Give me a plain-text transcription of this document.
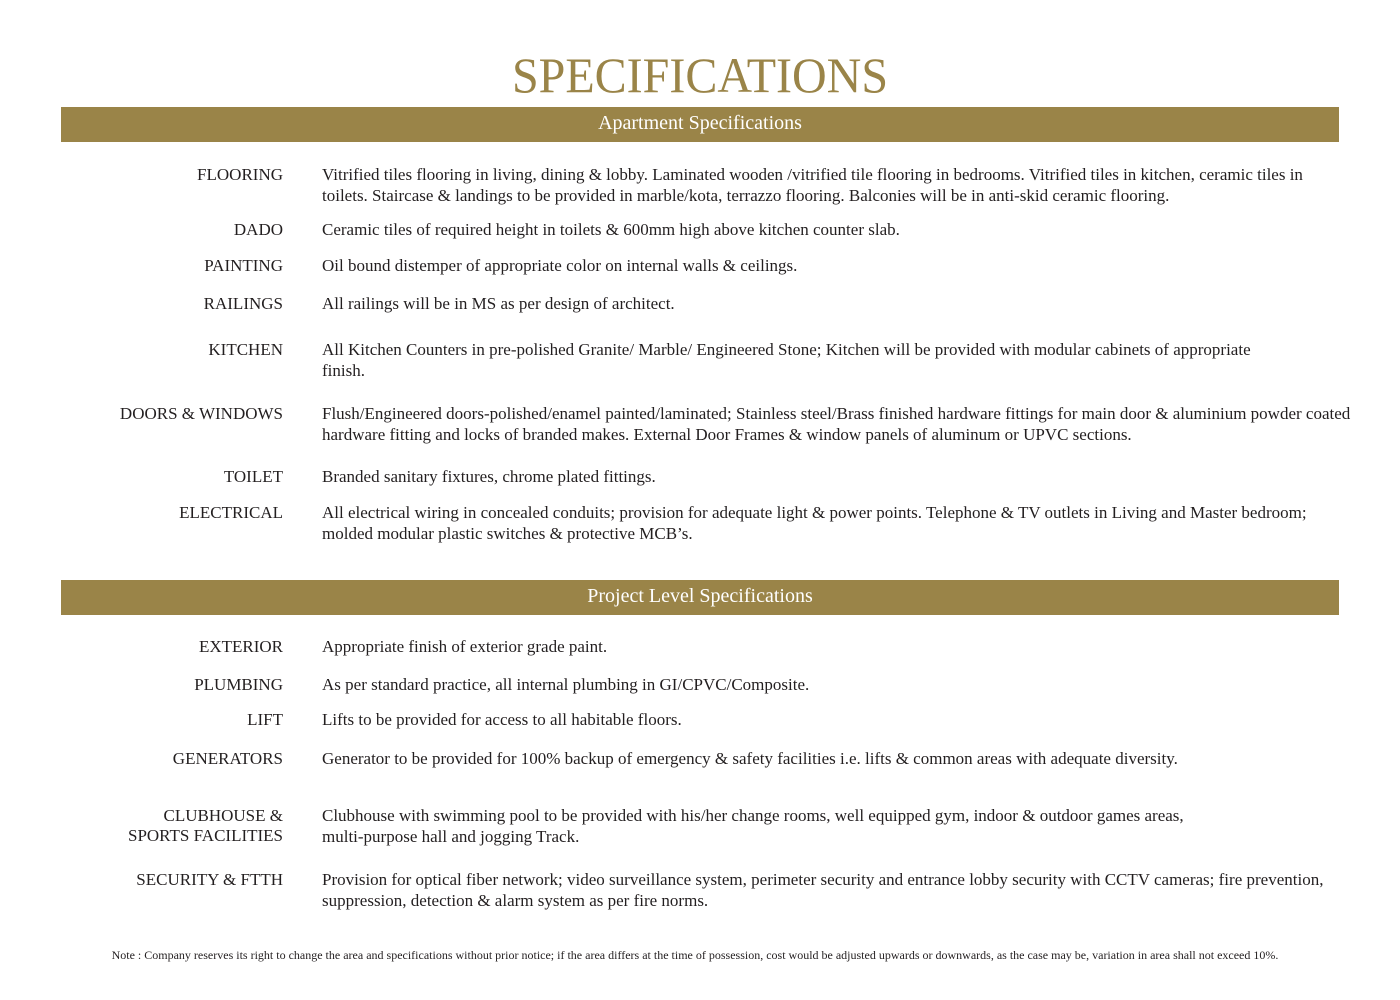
SPECIFICATIONS
Apartment Specifications
FLOORING Vitrified tiles flooring in living, dining & lobby. Laminated wooden /vitrified tile flooring in bedrooms. Vitrified tiles in kitchen, ceramic tiles in toilets. Staircase & landings to be provided in marble/kota, terrazzo flooring. Balconies will be in anti-skid ceramic flooring.
DADO Ceramic tiles of required height in toilets & 600mm high above kitchen counter slab.
PAINTING Oil bound distemper of appropriate color on internal walls & ceilings.
RAILINGS All railings will be in MS as per design of architect.
KITCHEN All Kitchen Counters in pre-polished Granite/ Marble/ Engineered Stone; Kitchen will be provided with modular cabinets of appropriate finish.
DOORS & WINDOWS Flush/Engineered doors-polished/enamel painted/laminated; Stainless steel/Brass finished hardware fittings for main door & aluminium powder coated hardware fitting and locks of branded makes. External Door Frames & window panels of aluminum or UPVC sections.
TOILET Branded sanitary fixtures, chrome plated fittings.
ELECTRICAL All electrical wiring in concealed conduits; provision for adequate light & power points. Telephone & TV outlets in Living and Master bedroom; molded modular plastic switches & protective MCB’s.
Project Level Specifications
EXTERIOR Appropriate finish of exterior grade paint.
PLUMBING As per standard practice, all internal plumbing in GI/CPVC/Composite.
LIFT Lifts to be provided for access to all habitable floors.
GENERATORS Generator to be provided for 100% backup of emergency & safety facilities i.e. lifts & common areas with adequate diversity.
CLUBHOUSE &
SPORTS FACILITIES
Clubhouse with swimming pool to be provided with his/her change rooms, well equipped gym, indoor & outdoor games areas,
multi-purpose hall and jogging Track.
SECURITY & FTTH Provision for optical fiber network; video surveillance system, perimeter security and entrance lobby security with CCTV cameras; fire prevention, suppression, detection & alarm system as per fire norms.
Note : Company reserves its right to change the area and specifications without prior notice; if the area differs at the time of possession, cost would be adjusted upwards or downwards, as the case may be, variation in area shall not exceed 10%.
